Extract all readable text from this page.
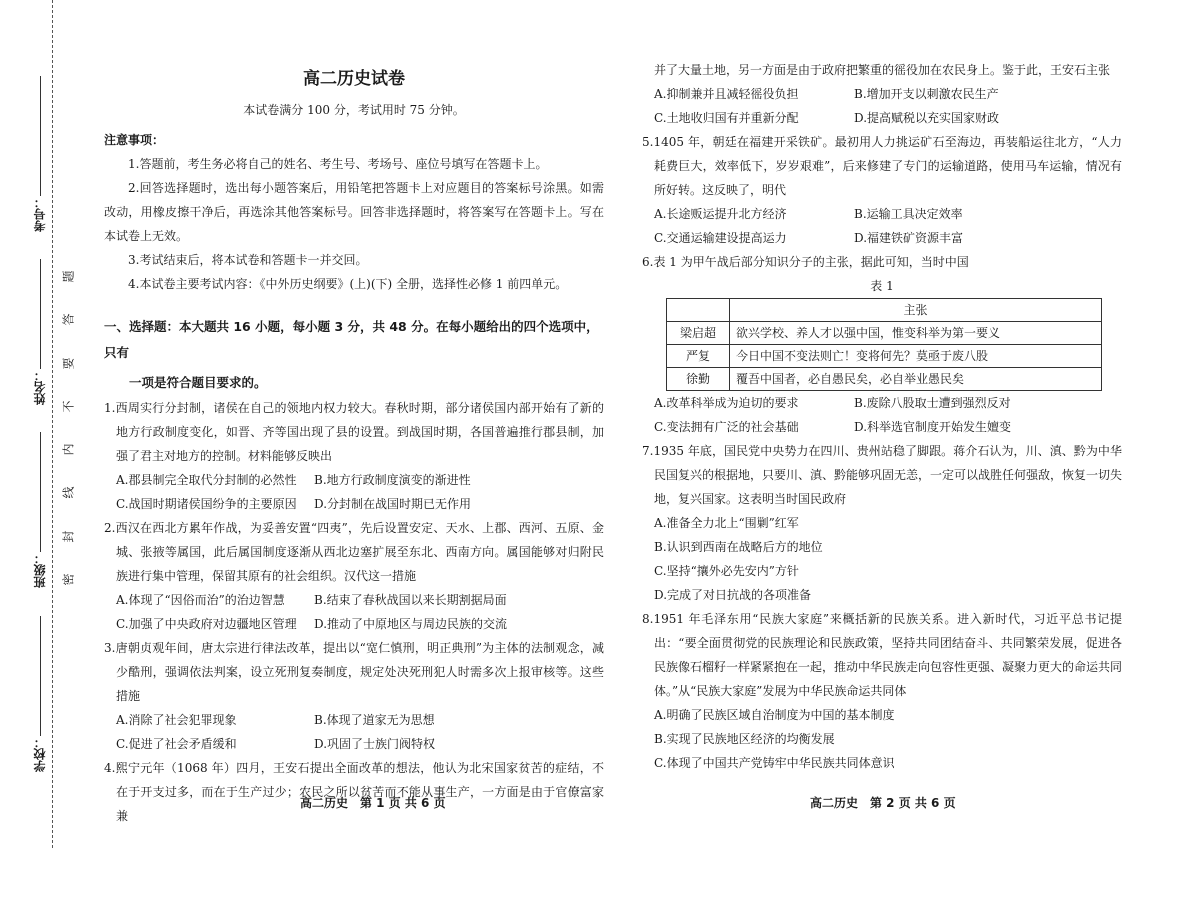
考号：
姓名：
班级：
学校：
题
答
要
不
内
线
封
密
高二历史试卷
本试卷满分 100 分，考试用时 75 分钟。
注意事项：
1.答题前，考生务必将自己的姓名、考生号、考场号、座位号填写在答题卡上。
2.回答选择题时，选出每小题答案后，用铅笔把答题卡上对应题目的答案标号涂黑。如需改动，用橡皮擦干净后，再选涂其他答案标号。回答非选择题时，将答案写在答题卡上。写在本试卷上无效。
3.考试结束后，将本试卷和答题卡一并交回。
4.本试卷主要考试内容：《中外历史纲要》(上)(下) 全册，选择性必修 1 前四单元。
一、选择题：本大题共 16 小题，每小题 3 分，共 48 分。在每小题给出的四个选项中，只有
一项是符合题目要求的。
1.西周实行分封制，诸侯在自己的领地内权力较大。春秋时期，部分诸侯国内部开始有了新的地方行政制度变化，如晋、齐等国出现了县的设置。到战国时期，各国普遍推行郡县制，加强了君主对地方的控制。材料能够反映出
A.郡县制完全取代分封制的必然性	B.地方行政制度演变的渐进性
C.战国时期诸侯国纷争的主要原因	D.分封制在战国时期已无作用
2.西汉在西北方累年作战，为妥善安置“四夷”，先后设置安定、天水、上郡、西河、五原、金城、张掖等属国，此后属国制度逐渐从西北边塞扩展至东北、西南方向。属国能够对归附民族进行集中管理，保留其原有的社会组织。汉代这一措施
A.体现了“因俗而治”的治边智慧	B.结束了春秋战国以来长期割据局面
C.加强了中央政府对边疆地区管理	D.推动了中原地区与周边民族的交流
3.唐朝贞观年间，唐太宗进行律法改革，提出以“宽仁慎刑，明正典刑”为主体的法制观念，减少酷刑，强调依法判案，设立死刑复奏制度，规定处决死刑犯人时需多次上报审核等。这些措施
A.消除了社会犯罪现象	B.体现了道家无为思想
C.促进了社会矛盾缓和	D.巩固了士族门阀特权
4.熙宁元年（1068 年）四月，王安石提出全面改革的想法，他认为北宋国家贫苦的症结，不在于开支过多，而在于生产过少；农民之所以贫苦而不能从事生产，一方面是由于官僚富家兼
高二历史　第 1 页 共 6 页
并了大量土地，另一方面是由于政府把繁重的徭役加在农民身上。鉴于此，王安石主张
A.抑制兼并且减轻徭役负担	B.增加开支以刺激农民生产
C.土地收归国有并重新分配	D.提高赋税以充实国家财政
5.1405 年，朝廷在福建开采铁矿。最初用人力挑运矿石至海边，再装船运往北方，“人力耗费巨大，效率低下，岁岁艰难”，后来修建了专门的运输道路，使用马车运输，情况有所好转。这反映了，明代
A.长途贩运提升北方经济	B.运输工具决定效率
C.交通运输建设提高运力	D.福建铁矿资源丰富
6.表 1 为甲午战后部分知识分子的主张，据此可知，当时中国
表 1
	主张
梁启超	欲兴学校、养人才以强中国，惟变科举为第一要义
严复	今日中国不变法则亡！变将何先？莫亟于废八股
徐勤	覆吾中国者，必自愚民矣，必自举业愚民矣
A.改革科举成为迫切的要求	B.废除八股取士遭到强烈反对
C.变法拥有广泛的社会基础	D.科举选官制度开始发生嬗变
7.1935 年底，国民党中央势力在四川、贵州站稳了脚跟。蒋介石认为，川、滇、黔为中华民国复兴的根据地，只要川、滇、黔能够巩固无恙，一定可以战胜任何强敌，恢复一切失地，复兴国家。这表明当时国民政府
A.准备全力北上“围剿”红军
B.认识到西南在战略后方的地位
C.坚持“攘外必先安内”方针
D.完成了对日抗战的各项准备
8.1951 年毛泽东用“民族大家庭”来概括新的民族关系。进入新时代，习近平总书记提出：“要全面贯彻党的民族理论和民族政策，坚持共同团结奋斗、共同繁荣发展，促进各民族像石榴籽一样紧紧抱在一起，推动中华民族走向包容性更强、凝聚力更大的命运共同体。”从“民族大家庭”发展为中华民族命运共同体
A.明确了民族区域自治制度为中国的基本制度
B.实现了民族地区经济的均衡发展
C.体现了中国共产党铸牢中华民族共同体意识
高二历史　第 2 页 共 6 页
